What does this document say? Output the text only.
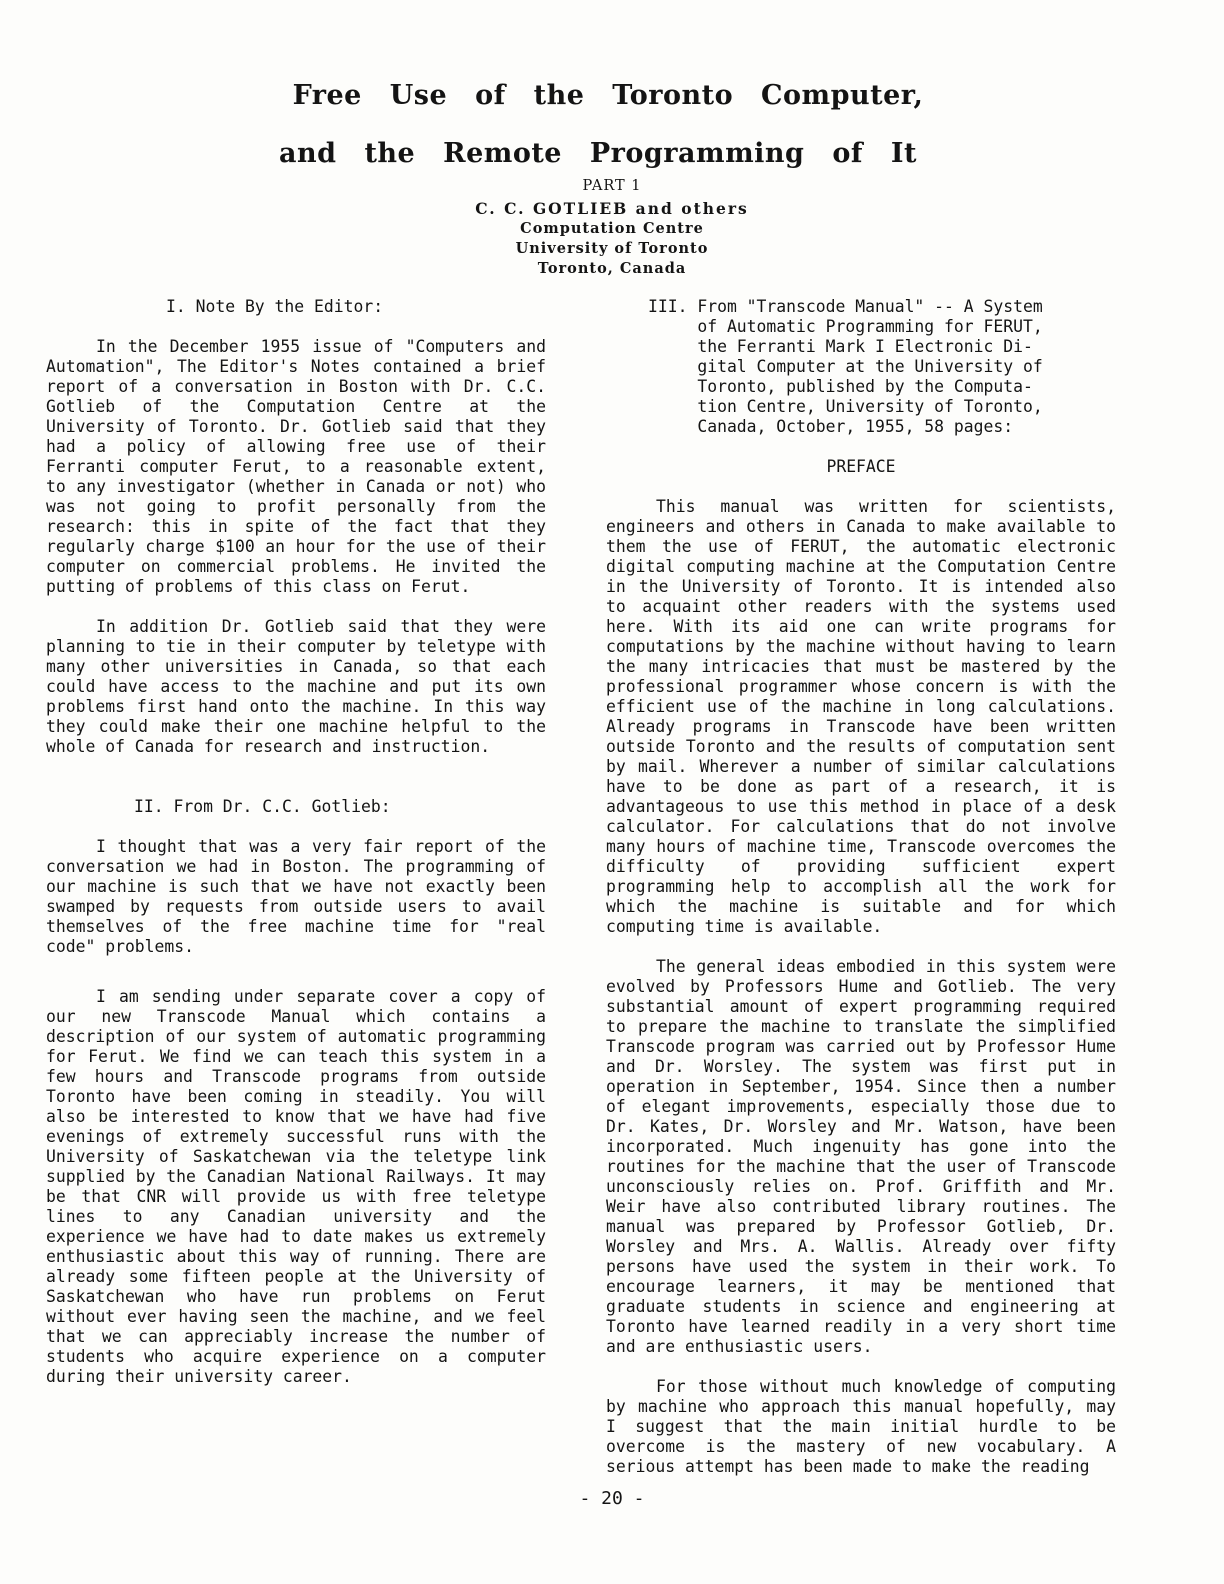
Free Use of the Toronto Computer,
and the Remote Programming of It

PART 1

C. C. GOTLIEB and others

Computation Centre

University of Toronto

Toronto, Canada

I. Note By the Editor:

In the December 1955 issue of "Computers and Automation", The Editor's Notes contained a brief report of a conversation in Boston with Dr. C.C. Gotlieb of the Computation Centre at the University of Toronto. Dr. Gotlieb said that they had a policy of allowing free use of their Ferranti computer Ferut, to a reasonable extent, to any investigator (whether in Canada or not) who was not going to profit personally from the research: this in spite of the fact that they regularly charge $100 an hour for the use of their computer on commercial problems. He invited the putting of problems of this class on Ferut.

In addition Dr. Gotlieb said that they were planning to tie in their computer by teletype with many other universities in Canada, so that each could have access to the machine and put its own problems first hand onto the machine. In this way they could make their one machine helpful to the whole of Canada for research and instruction.

II. From Dr. C.C. Gotlieb:

I thought that was a very fair report of the conversation we had in Boston. The programming of our machine is such that we have not exactly been swamped by requests from outside users to avail themselves of the free machine time for "real code" problems.

I am sending under separate cover a copy of our new Transcode Manual which contains a description of our system of automatic programming for Ferut. We find we can teach this system in a few hours and Transcode programs from outside Toronto have been coming in steadily. You will also be interested to know that we have had five evenings of extremely successful runs with the University of Saskatchewan via the teletype link supplied by the Canadian National Railways. It may be that CNR will provide us with free teletype lines to any Canadian university and the experience we have had to date makes us extremely enthusiastic about this way of running. There are already some fifteen people at the University of Saskatchewan who have run problems on Ferut without ever having seen the machine, and we feel that we can appreciably increase the number of students who acquire experience on a computer during their university career.

III. From "Transcode Manual" -- A System
of Automatic Programming for FERUT,
the Ferranti Mark I Electronic Di-
gital Computer at the University of
Toronto, published by the Computa-
tion Centre, University of Toronto,
Canada, October, 1955, 58 pages:

PREFACE

This manual was written for scientists, engineers and others in Canada to make available to them the use of FERUT, the automatic electronic digital computing machine at the Computation Centre in the University of Toronto. It is intended also to acquaint other readers with the systems used here. With its aid one can write programs for computations by the machine without having to learn the many intricacies that must be mastered by the professional programmer whose concern is with the efficient use of the machine in long calculations. Already programs in Transcode have been written outside Toronto and the results of computation sent by mail. Wherever a number of similar calculations have to be done as part of a research, it is advantageous to use this method in place of a desk calculator. For calculations that do not involve many hours of machine time, Transcode overcomes the difficulty of providing sufficient expert programming help to accomplish all the work for which the machine is suitable and for which computing time is available.

The general ideas embodied in this system were evolved by Professors Hume and Gotlieb. The very substantial amount of expert programming required to prepare the machine to translate the simplified Transcode program was carried out by Professor Hume and Dr. Worsley. The system was first put in operation in September, 1954. Since then a number of elegant improvements, especially those due to Dr. Kates, Dr. Worsley and Mr. Watson, have been incorporated. Much ingenuity has gone into the routines for the machine that the user of Transcode unconsciously relies on. Prof. Griffith and Mr. Weir have also contributed library routines. The manual was prepared by Professor Gotlieb, Dr. Worsley and Mrs. A. Wallis. Already over fifty persons have used the system in their work. To encourage learners, it may be mentioned that graduate students in science and engineering at Toronto have learned readily in a very short time and are enthusiastic users.

For those without much knowledge of computing by machine who approach this manual hopefully, may I suggest that the main initial hurdle to be overcome is the mastery of new vocabulary. A serious attempt has been made to make the reading

- 20 -
